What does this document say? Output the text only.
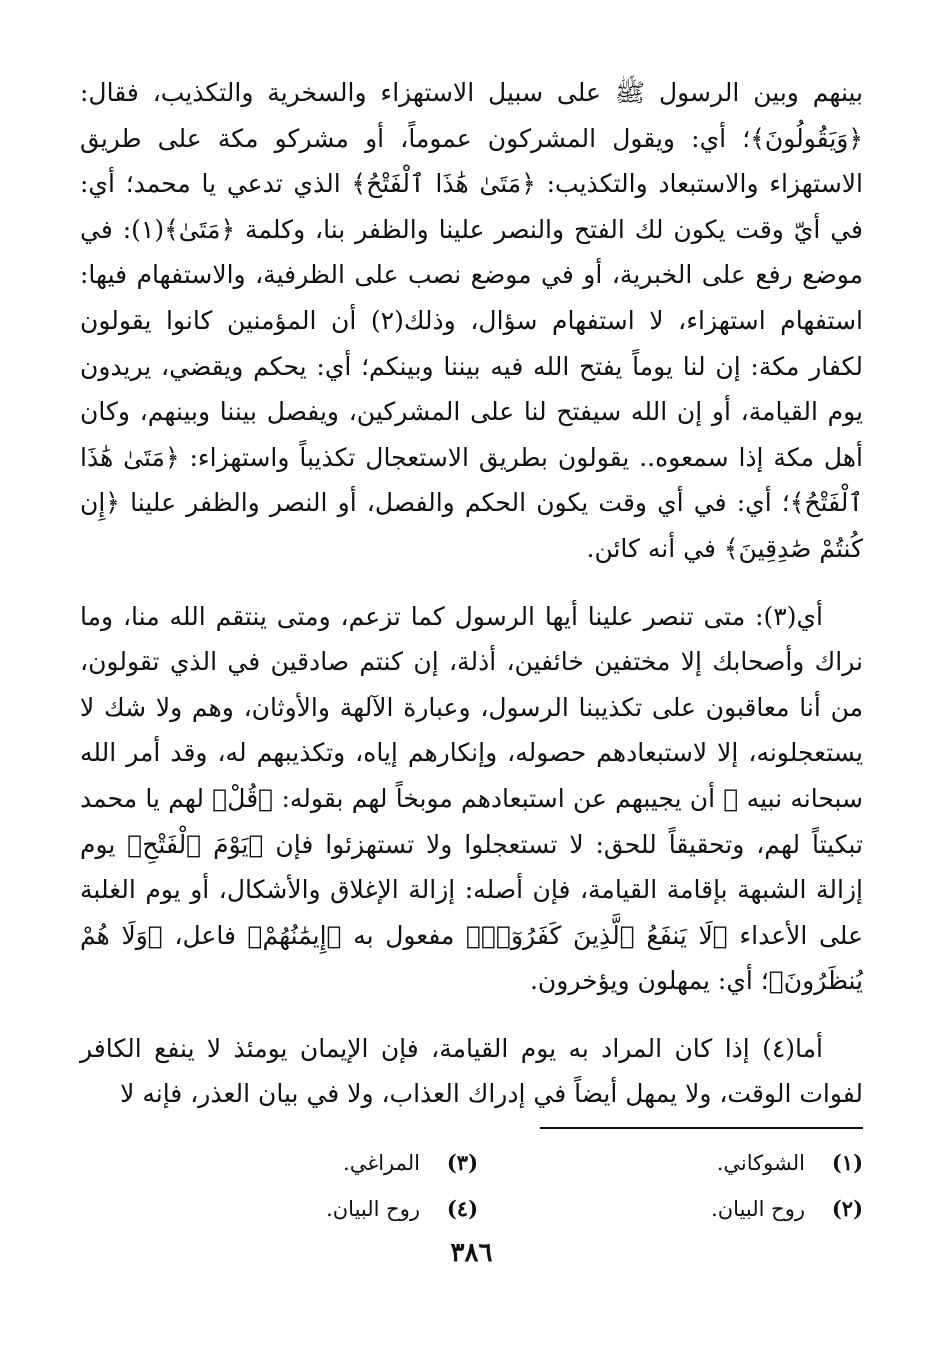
بينهم وبين الرسول ﷺ على سبيل الاستهزاء والسخرية والتكذيب، فقال: ﴿وَيَقُولُونَ﴾؛ أي: ويقول المشركون عموماً، أو مشركو مكة على طريق الاستهزاء والاستبعاد والتكذيب: ﴿مَتَىٰ هَٰذَا ٱلْفَتْحُ﴾ الذي تدعي يا محمد؛ أي: في أيّ وقت يكون لك الفتح والنصر علينا والظفر بنا، وكلمة ﴿مَتَىٰ﴾(١): في موضع رفع على الخبرية، أو في موضع نصب على الظرفية، والاستفهام فيها: استفهام استهزاء، لا استفهام سؤال، وذلك(٢) أن المؤمنين كانوا يقولون لكفار مكة: إن لنا يوماً يفتح الله فيه بيننا وبينكم؛ أي: يحكم ويقضي، يريدون يوم القيامة، أو إن الله سيفتح لنا على المشركين، ويفصل بيننا وبينهم، وكان أهل مكة إذا سمعوه.. يقولون بطريق الاستعجال تكذيباً واستهزاء: ﴿مَتَىٰ هَٰذَا ٱلْفَتْحُ﴾؛ أي: في أي وقت يكون الحكم والفصل، أو النصر والظفر علينا ﴿إِن كُنتُمْ صَٰدِقِينَ﴾ في أنه كائن.

أي(٣): متى تنصر علينا أيها الرسول كما تزعم، ومتى ينتقم الله منا، وما نراك وأصحابك إلا مختفين خائفين، أذلة، إن كنتم صادقين في الذي تقولون، من أنا معاقبون على تكذيبنا الرسول، وعبارة الآلهة والأوثان، وهم ولا شك لا يستعجلونه، إلا لاستبعادهم حصوله، وإنكارهم إياه، وتكذيبهم له، وقد أمر الله سبحانه نبيه ﷺ أن يجيبهم عن استبعادهم موبخاً لهم بقوله: ﴿قُلْ﴾ لهم يا محمد تبكيتاً لهم، وتحقيقاً للحق: لا تستعجلوا ولا تستهزئوا فإن ﴿يَوْمَ ٱلْفَتْحِ﴾ يوم إزالة الشبهة بإقامة القيامة، فإن أصله: إزالة الإغلاق والأشكال، أو يوم الغلبة على الأعداء ﴿لَا يَنفَعُ ٱلَّذِينَ كَفَرُوٓا۟﴾ مفعول به ﴿إِيمَٰنُهُمْ﴾ فاعل، ﴿وَلَا هُمْ يُنظَرُونَ﴾؛ أي: يمهلون ويؤخرون.

أما(٤) إذا كان المراد به يوم القيامة، فإن الإيمان يومئذ لا ينفع الكافر لفوات الوقت، ولا يمهل أيضاً في إدراك العذاب، ولا في بيان العذر، فإنه لا

(١)
الشوكاني.
(٣)
المراغي.
(٢)
روح البيان.
(٤)
روح البيان.
٣٨٦
